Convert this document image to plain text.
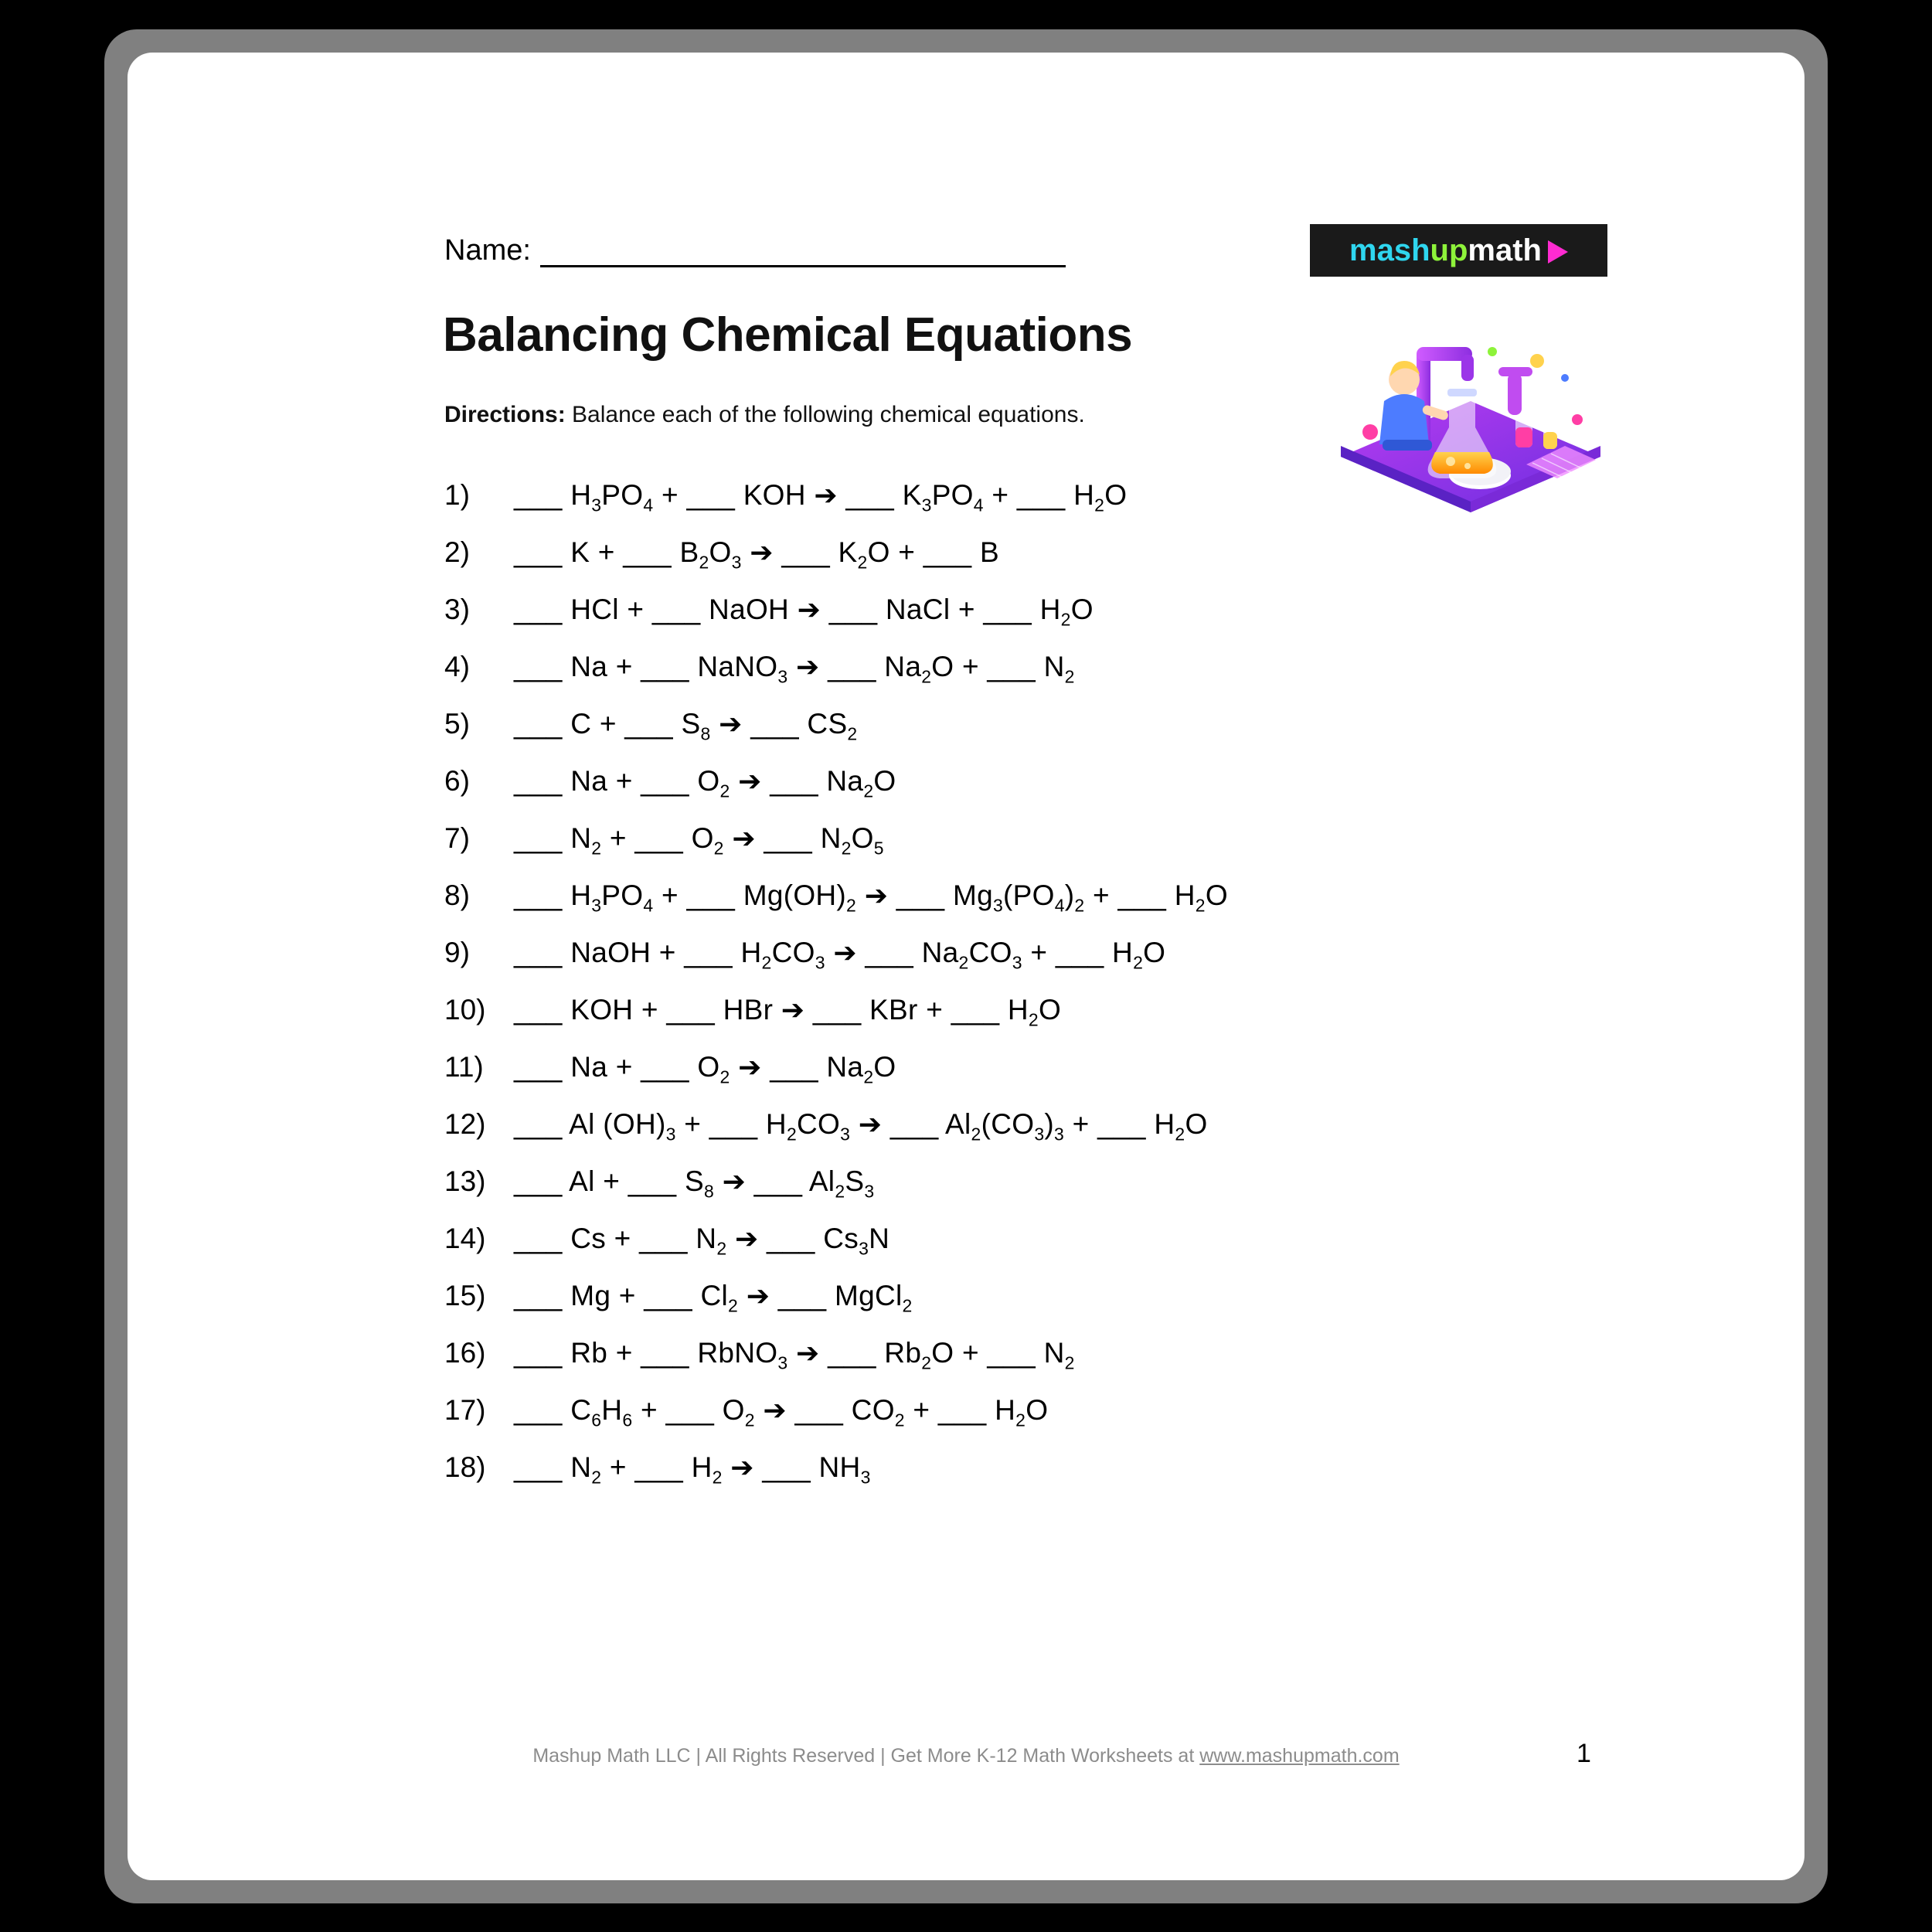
Name:	mashupmath
Balancing Chemical Equations
Directions: Balance each of the following chemical equations.
1)	___ $H_3PO_4$ + ___ KOH ➔ ___ $K_3PO_4$ + ___ $H_2O$
2)	___ K + ___ $B_2O_3$ ➔ ___ $K_2O$ + ___ B
3)	___ HCl + ___ NaOH ➔ ___ NaCl + ___ $H_2O$
4)	___ Na + ___ NaNO$_3$ ➔ ___ $Na_2O$ + ___ $N_2$
5)	___ C + ___ $S_8$ ➔ ___ $CS_2$
6)	___ Na + ___ $O_2$ ➔ ___ $Na_2O$
7)	___ $N_2$ + ___ $O_2$ ➔ ___ $N_2O_5$
8)	___ $H_3PO_4$ + ___ $Mg(OH)_2$ ➔ ___ $Mg_3(PO_4)_2$ + ___ $H_2O$
9)	___ NaOH + ___ $H_2CO_3$ ➔ ___ $Na_2CO_3$ + ___ $H_2O$
10) ___ KOH + ___ HBr ➔ ___ KBr + ___ $H_2O$
11)	___ Na + ___ $O_2$ ➔ ___ $Na_2O$
12) ___ Al $(OH)_3$ + ___ $H_2CO_3$ ➔ ___ $Al_2(CO_3)_3$ + ___ $H_2O$
13) ___ Al + ___ $S_8$ ➔ ___ $Al_2S_3$
14) ___ Cs + ___ $N_2$ ➔ ___ $Cs_3N$
15) ___ Mg + ___ $Cl_2$ ➔ ___ MgCl$_2$
16) ___ Rb + ___ RbNO$_3$ ➔ ___ $Rb_2O$ + ___ $N_2$
17) ___ $C_6H_6$ + ___ $O_2$ ➔ ___ $CO_2$ + ___ $H_2O$
18) ___ $N_2$ + ___ $H_2$ ➔ ___ $NH_3$
Mashup Math LLC | All Rights Reserved | Get More K-12 Math Worksheets at www.mashupmath.com	1
